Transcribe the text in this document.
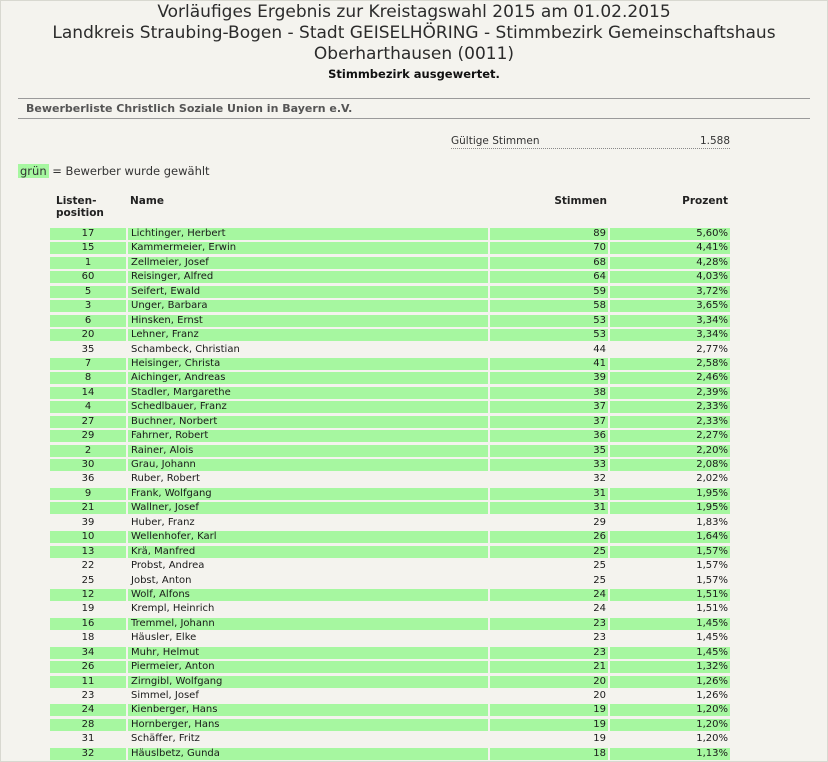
Vorläufiges Ergebnis zur Kreistagswahl 2015 am 01.02.2015
Landkreis Straubing-Bogen - Stadt GEISELHÖRING - Stimmbezirk Gemeinschaftshaus
Oberharthausen (0011)
Stimmbezirk ausgewertet.
Bewerberliste Christlich Soziale Union in Bayern e.V.
Gültige Stimmen	1.588
grün = Bewerber wurde gewählt
Listen-
position
Name	Stimmen	Prozent
17	Lichtinger, Herbert	89	5,60%
15	Kammermeier, Erwin	70	4,41%
1	Zellmeier, Josef	68	4,28%
60	Reisinger, Alfred	64	4,03%
5	Seifert, Ewald	59	3,72%
3	Unger, Barbara	58	3,65%
6	Hinsken, Ernst	53	3,34%
20	Lehner, Franz	53	3,34%
35	Schambeck, Christian	44	2,77%
7	Heisinger, Christa	41	2,58%
8	Aichinger, Andreas	39	2,46%
14	Stadler, Margarethe	38	2,39%
4	Schedlbauer, Franz	37	2,33%
27	Buchner, Norbert	37	2,33%
29	Fahrner, Robert	36	2,27%
2	Rainer, Alois	35	2,20%
30	Grau, Johann	33	2,08%
36	Ruber, Robert	32	2,02%
9	Frank, Wolfgang	31	1,95%
21	Wallner, Josef	31	1,95%
39	Huber, Franz	29	1,83%
10	Wellenhofer, Karl	26	1,64%
13	Krä, Manfred	25	1,57%
22	Probst, Andrea	25	1,57%
25	Jobst, Anton	25	1,57%
12	Wolf, Alfons	24	1,51%
19	Krempl, Heinrich	24	1,51%
16	Tremmel, Johann	23	1,45%
18	Häusler, Elke	23	1,45%
34	Muhr, Helmut	23	1,45%
26	Piermeier, Anton	21	1,32%
11	Zirngibl, Wolfgang	20	1,26%
23	Simmel, Josef	20	1,26%
24	Kienberger, Hans	19	1,20%
28	Hornberger, Hans	19	1,20%
31	Schäffer, Fritz	19	1,20%
32	Häuslbetz, Gunda	18	1,13%
